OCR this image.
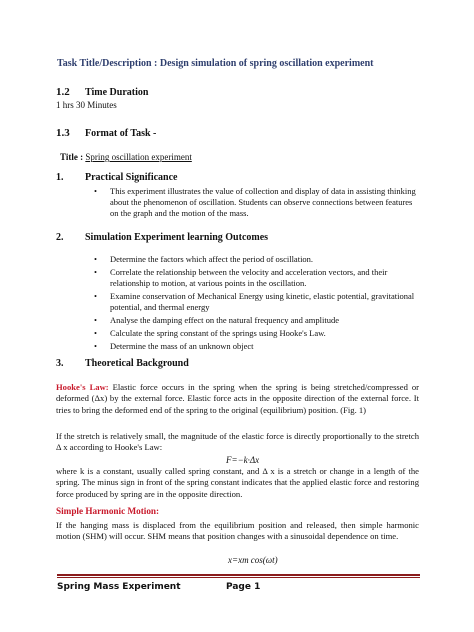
Task Title/Description : Design simulation of spring oscillation experiment
1.2 Time Duration
1 hrs 30 Minutes
1.3 Format of Task -
Title : Spring oscillation experiment
1. Practical Significance
• This experiment illustrates the value of collection and display of data in assisting thinking about the phenomenon of oscillation. Students can observe connections between features on the graph and the motion of the mass.
2. Simulation Experiment learning Outcomes
• Determine the factors which affect the period of oscillation.
• Correlate the relationship between the velocity and acceleration vectors, and their relationship to motion, at various points in the oscillation.
• Examine conservation of Mechanical Energy using kinetic, elastic potential, gravitational potential, and thermal energy
• Analyse the damping effect on the natural frequency and amplitude
• Calculate the spring constant of the springs using Hooke's Law.
• Determine the mass of an unknown object
3. Theoretical Background
Hooke's Law: Elastic force occurs in the spring when the spring is being stretched/compressed or deformed (Δx) by the external force. Elastic force acts in the opposite direction of the external force. It tries to bring the deformed end of the spring to the original (equilibrium) position. (Fig. 1)
If the stretch is relatively small, the magnitude of the elastic force is directly proportionally to the stretch Δ x according to Hooke's Law:
F=−k·Δx
where k is a constant, usually called spring constant, and Δ x is a stretch or change in a length of the spring. The minus sign in front of the spring constant indicates that the applied elastic force and restoring force produced by spring are in the opposite direction.
Simple Harmonic Motion:
If the hanging mass is displaced from the equilibrium position and released, then simple harmonic motion (SHM) will occur. SHM means that position changes with a sinusoidal dependence on time.
x=xm cos(ωt)
Spring Mass Experiment	Page 1
